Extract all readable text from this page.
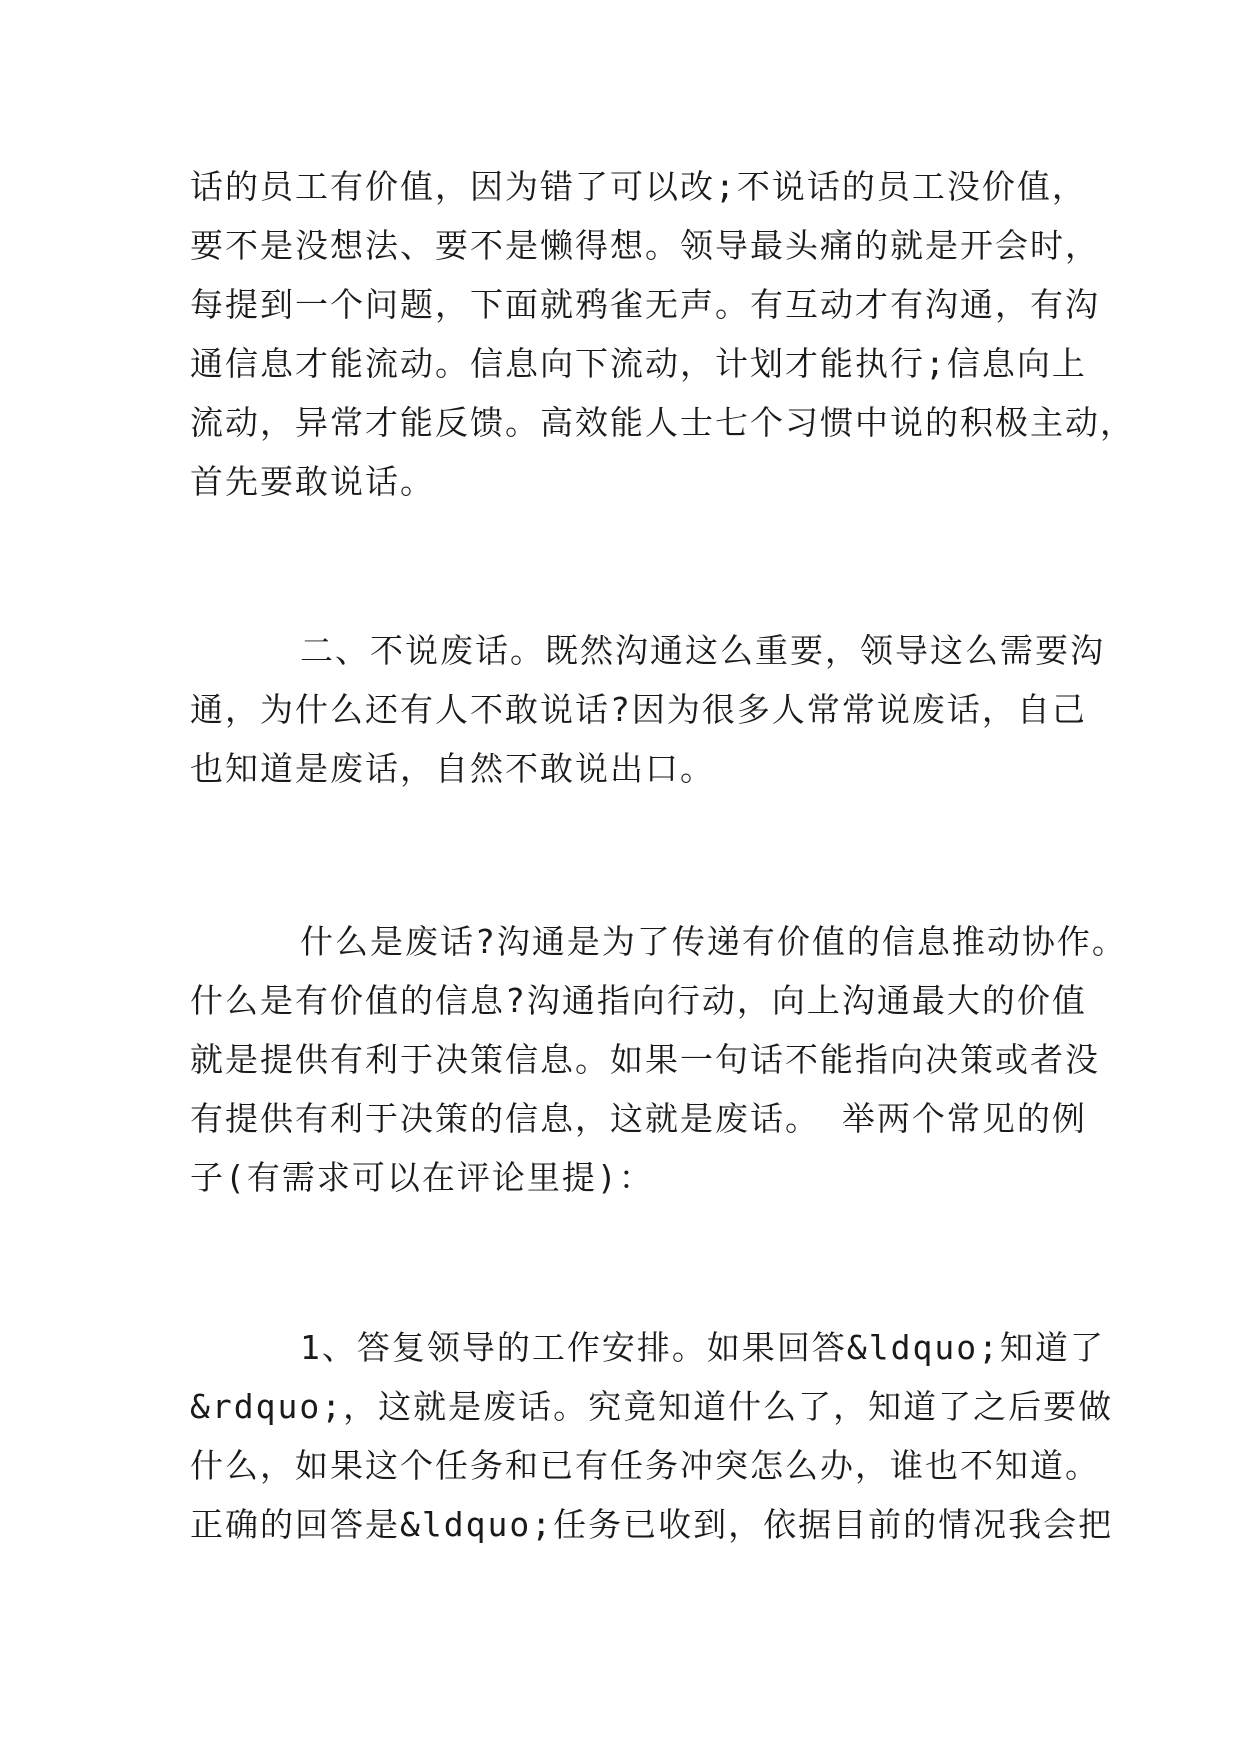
话的员工有价值，因为错了可以改;不说话的员工没价值，
要不是没想法、要不是懒得想。领导最头痛的就是开会时，
每提到一个问题，下面就鸦雀无声。有互动才有沟通，有沟
通信息才能流动。信息向下流动，计划才能执行;信息向上
流动，异常才能反馈。高效能人士七个习惯中说的积极主动，
首先要敢说话。
二、不说废话。既然沟通这么重要，领导这么需要沟
通，为什么还有人不敢说话?因为很多人常常说废话，自己
也知道是废话，自然不敢说出口。
什么是废话?沟通是为了传递有价值的信息推动协作。
什么是有价值的信息?沟通指向行动，向上沟通最大的价值
就是提供有利于决策信息。如果一句话不能指向决策或者没
有提供有利于决策的信息，这就是废话。 举两个常见的例
子(有需求可以在评论里提)：
1、答复领导的工作安排。如果回答&ldquo;知道了
&rdquo;，这就是废话。究竟知道什么了，知道了之后要做
什么，如果这个任务和已有任务冲突怎么办，谁也不知道。
正确的回答是&ldquo;任务已收到，依据目前的情况我会把
